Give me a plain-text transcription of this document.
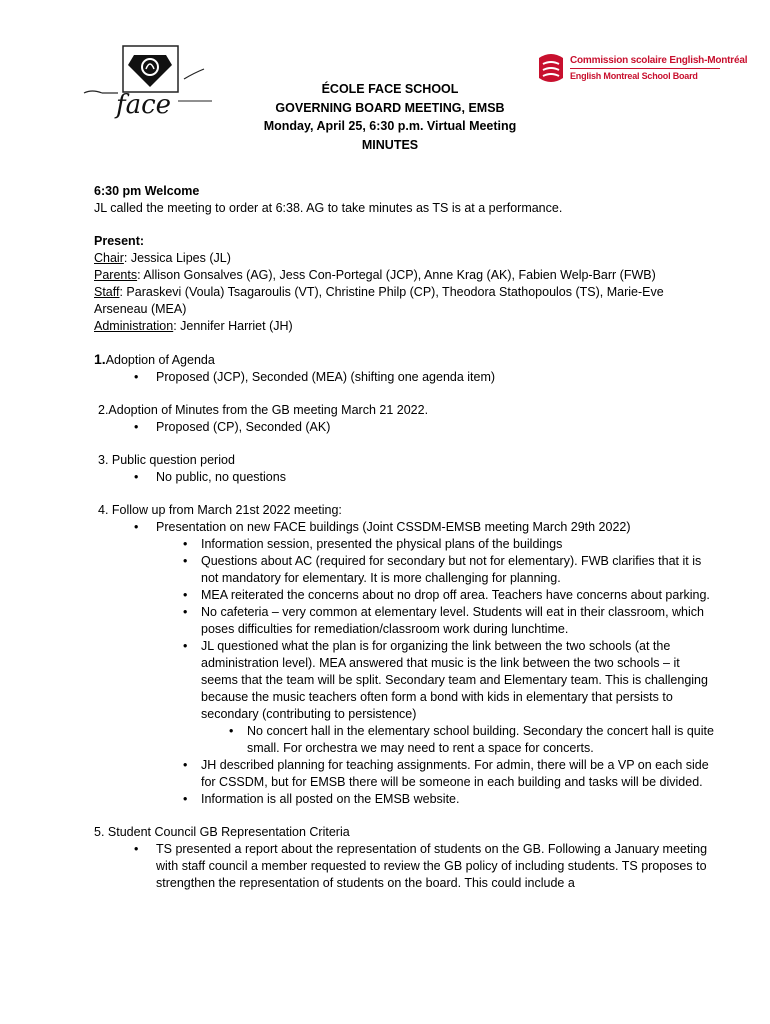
face
Commission scolaire English-Montréal
English Montreal School Board

ÉCOLE FACE SCHOOL

GOVERNING BOARD MEETING, EMSB

Monday, April 25, 6:30 p.m. Virtual Meeting

MINUTES

6:30 pm Welcome

JL called the meeting to order at 6:38. AG to take minutes as TS is at a performance.

Present:

Chair: Jessica Lipes (JL)

Parents: Allison Gonsalves (AG), Jess Con-Portegal (JCP), Anne Krag (AK), Fabien Welp-Barr (FWB)

Staff: Paraskevi (Voula) Tsagaroulis (VT), Christine Philp (CP), Theodora Stathopoulos (TS), Marie-Eve Arseneau (MEA)

Administration: Jennifer Harriet (JH)

1.Adoption of Agenda

• Proposed (JCP), Seconded (MEA) (shifting one agenda item)

2.Adoption of Minutes from the GB meeting March 21 2022.

• Proposed (CP), Seconded (AK)

3. Public question period

• No public, no questions

4. Follow up from March 21st 2022 meeting:

• Presentation on new FACE buildings (Joint CSSDM-EMSB meeting March 29th 2022)

• Information session, presented the physical plans of the buildings

• Questions about AC (required for secondary but not for elementary). FWB clarifies that it is not mandatory for elementary. It is more challenging for planning.

• MEA reiterated the concerns about no drop off area. Teachers have concerns about parking.

• No cafeteria – very common at elementary level. Students will eat in their classroom, which poses difficulties for remediation/classroom work during lunchtime.

• JL questioned what the plan is for organizing the link between the two schools (at the administration level). MEA answered that music is the link between the two schools – it seems that the team will be split. Secondary team and Elementary team. This is challenging because the music teachers often form a bond with kids in elementary that persists to secondary (contributing to persistence)

• No concert hall in the elementary school building. Secondary the concert hall is quite small. For orchestra we may need to rent a space for concerts.

• JH described planning for teaching assignments. For admin, there will be a VP on each side for CSSDM, but for EMSB there will be someone in each building and tasks will be divided.

• Information is all posted on the EMSB website.

5. Student Council GB Representation Criteria

• TS presented a report about the representation of students on the GB. Following a January meeting with staff council a member requested to review the GB policy of including students. TS proposes to strengthen the representation of students on the board. This could include a
